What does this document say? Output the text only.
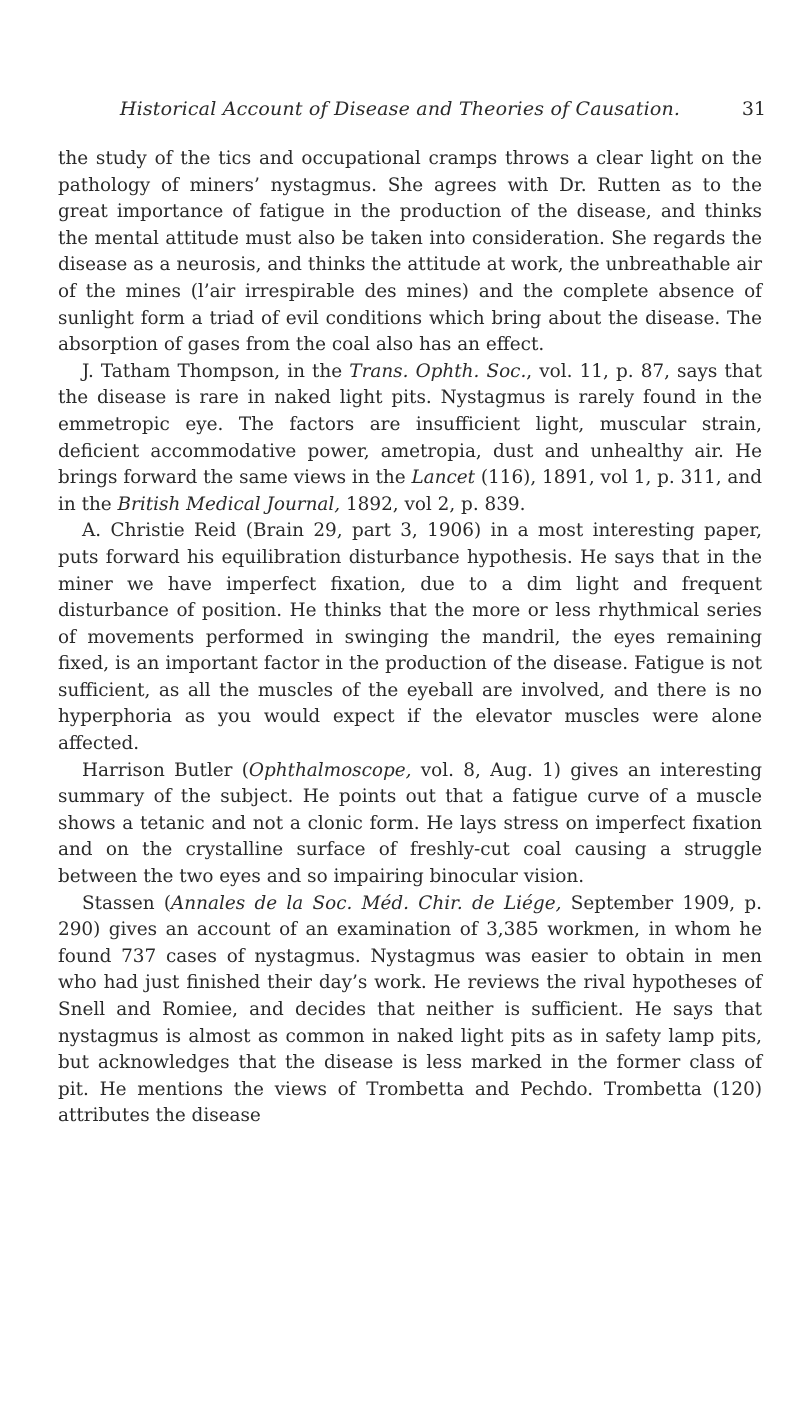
Historical Account of Disease and Theories of Causation.	31

the study of the tics and occupational cramps throws a clear light on the pathology of miners’ nystagmus. She agrees with Dr. Rutten as to the great importance of fatigue in the production of the disease, and thinks the mental attitude must also be taken into consideration. She regards the disease as a neurosis, and thinks the attitude at work, the unbreathable air of the mines (l’air irrespirable des mines) and the complete absence of sunlight form a triad of evil conditions which bring about the disease. The absorption of gases from the coal also has an effect.

J. Tatham Thompson, in the Trans. Ophth. Soc., vol. 11, p. 87, says that the disease is rare in naked light pits. Nystagmus is rarely found in the emmetropic eye. The factors are insufficient light, muscular strain, deficient accommodative power, ametropia, dust and unhealthy air. He brings forward the same views in the Lancet (116), 1891, vol 1, p. 311, and in the British Medical Journal, 1892, vol 2, p. 839.

A. Christie Reid (Brain 29, part 3, 1906) in a most interesting paper, puts forward his equilibration disturbance hypothesis. He says that in the miner we have imperfect fixation, due to a dim light and frequent disturbance of position. He thinks that the more or less rhythmical series of movements performed in swinging the mandril, the eyes remaining fixed, is an important factor in the production of the disease. Fatigue is not sufficient, as all the muscles of the eyeball are involved, and there is no hyperphoria as you would expect if the elevator muscles were alone affected.

Harrison Butler (Ophthalmoscope, vol. 8, Aug. 1) gives an interesting summary of the subject. He points out that a fatigue curve of a muscle shows a tetanic and not a clonic form. He lays stress on imperfect fixation and on the crystalline surface of freshly-cut coal causing a struggle between the two eyes and so impairing binocular vision.

Stassen (Annales de la Soc. Méd. Chir. de Liége, September 1909, p. 290) gives an account of an examination of 3,385 workmen, in whom he found 737 cases of nystagmus. Nystagmus was easier to obtain in men who had just finished their day’s work. He reviews the rival hypotheses of Snell and Romiee, and decides that neither is sufficient. He says that nystagmus is almost as common in naked light pits as in safety lamp pits, but acknowledges that the disease is less marked in the former class of pit. He mentions the views of Trombetta and Pechdo. Trombetta (120) attributes the disease
